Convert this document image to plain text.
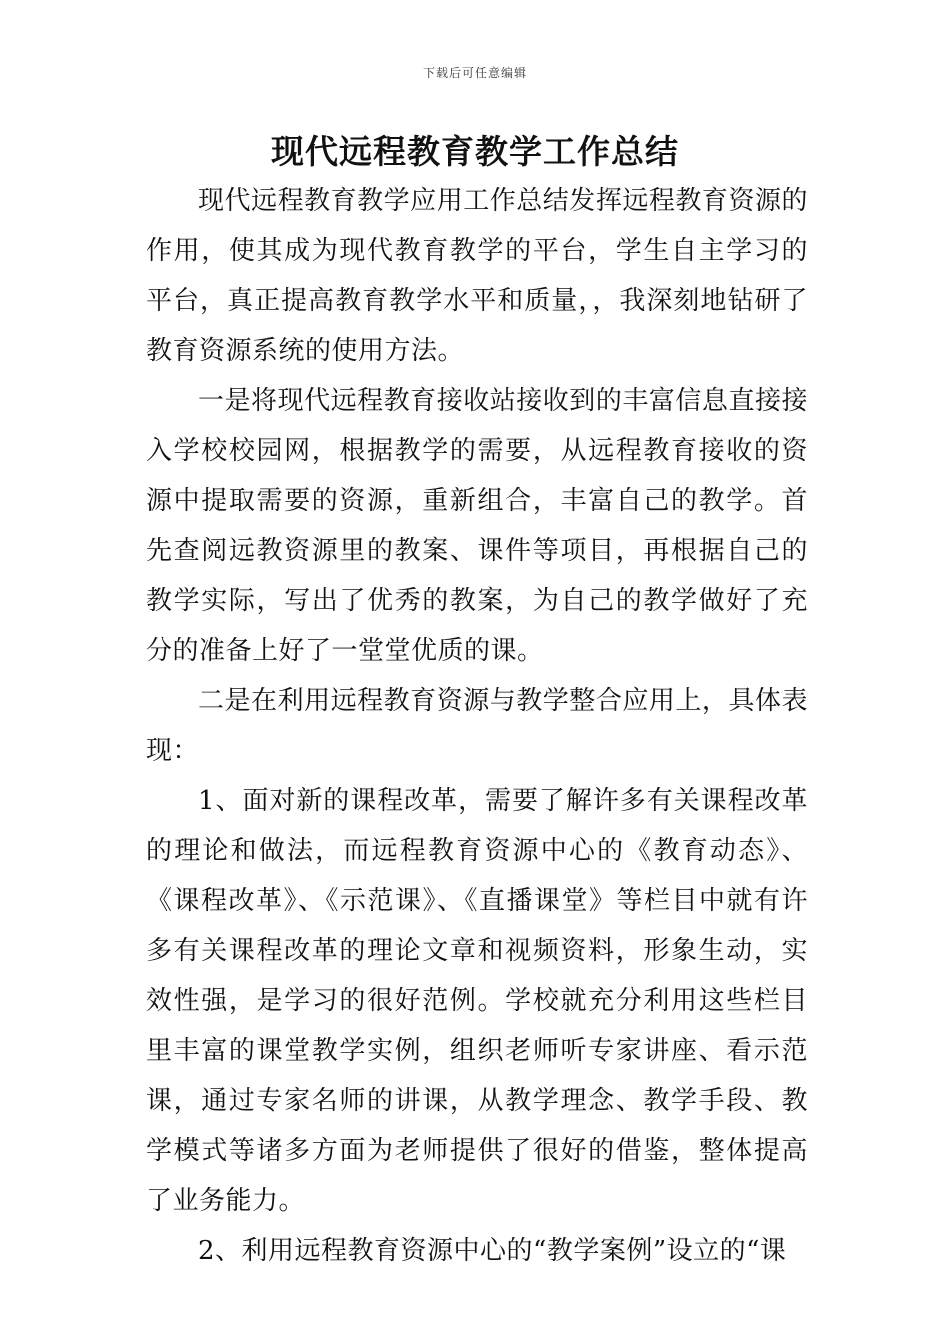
下载后可任意编辑
现代远程教育教学工作总结

现代远程教育教学应用工作总结发挥远程教育资源的作用，使其成为现代教育教学的平台，学生自主学习的平台，真正提高教育教学水平和质量，，我深刻地钻研了教育资源系统的使用方法。

一是将现代远程教育接收站接收到的丰富信息直接接入学校校园网，根据教学的需要，从远程教育接收的资源中提取需要的资源，重新组合，丰富自己的教学。首先查阅远教资源里的教案、课件等项目，再根据自己的教学实际，写出了优秀的教案，为自己的教学做好了充分的准备上好了一堂堂优质的课。

二是在利用远程教育资源与教学整合应用上，具体表现：

1、面对新的课程改革，需要了解许多有关课程改革的理论和做法，而远程教育资源中心的《教育动态》、《课程改革》、《示范课》、《直播课堂》等栏目中就有许多有关课程改革的理论文章和视频资料，形象生动，实效性强，是学习的很好范例。学校就充分利用这些栏目里丰富的课堂教学实例，组织老师听专家讲座、看示范课，通过专家名师的讲课，从教学理念、教学手段、教学模式等诸多方面为老师提供了很好的借鉴，整体提高了业务能力。

2、利用远程教育资源中心的“教学案例”设立的“课
